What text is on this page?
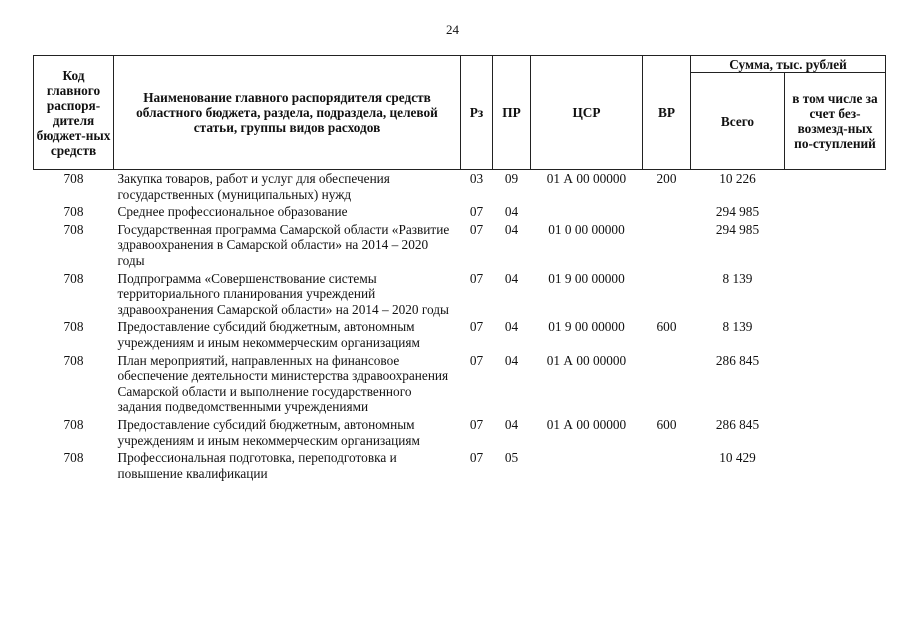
24
Код главного распоря-дителя бюджет-ных средств	Наименование главного распорядителя средств областного бюджета, раздела, подраздела, целевой статьи, группы видов расходов	Рз	ПР	ЦСР	ВР	Сумма, тыс. рублей	
						Всего	в том числе за счет без-возмезд-ных по-ступлений
708	Закупка товаров, работ и услуг для обеспечения государственных (муниципальных) нужд	03	09	01 А 00 00000	200	10 226	
708	Среднее профессиональное образование	07	04			294 985	
708	Государственная программа Самарской области «Развитие здравоохранения в Самарской области» на 2014 – 2020 годы	07	04	01 0 00 00000		294 985	
708	Подпрограмма «Совершенствование системы территориального планирования учреждений здравоохранения Самарской области» на 2014 – 2020 годы	07	04	01 9 00 00000		8 139	
708	Предоставление субсидий бюджетным, автономным учреждениям и иным некоммерческим организациям	07	04	01 9 00 00000	600	8 139	
708	План мероприятий, направленных на финансовое обеспечение деятельности министерства здравоохранения Самарской области и выполнение государственного задания подведомственными учреждениями	07	04	01 А 00 00000		286 845	
708	Предоставление субсидий бюджетным, автономным учреждениям и иным некоммерческим организациям	07	04	01 А 00 00000	600	286 845	
708	Профессиональная подготовка, переподготовка и повышение квалификации	07	05			10 429	
